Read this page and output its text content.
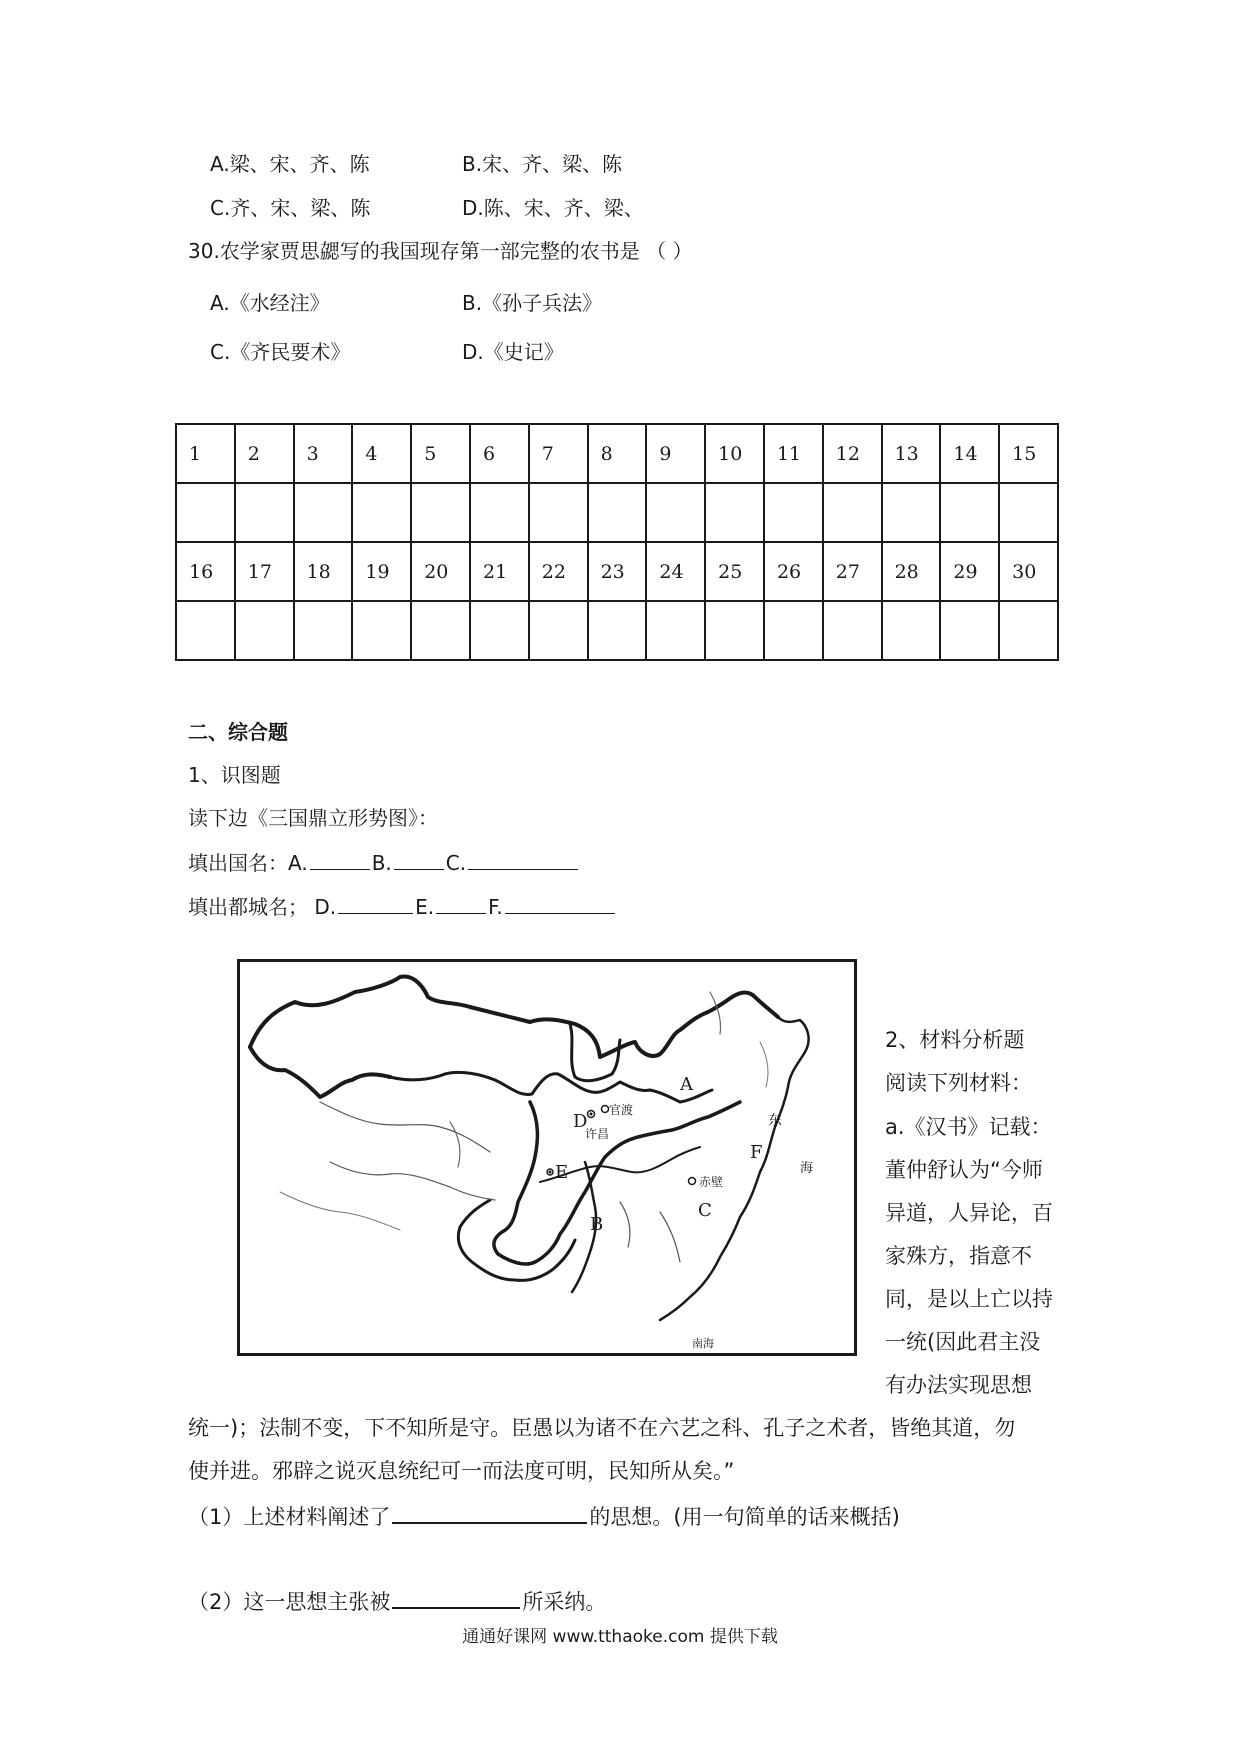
A.梁、宋、齐、陈	B.宋、齐、梁、陈
C.齐、宋、梁、陈	D.陈、宋、齐、梁、
30.农学家贾思勰写的我国现存第一部完整的农书是 （ ）
A.《水经注》	B.《孙子兵法》
C.《齐民要术》	D.《史记》
1	2	3	4	5	6	7	8	9	10	11	12	13	14	15

16	17	18	19	20	21	22	23	24	25	26	27	28	29	30

二、综合题
1、识图题
读下边《三国鼎立形势图》：
填出国名：A.	B.	C.
填出都城名； D.	E.	F.
A
D
官渡
许昌
东
F
E	海
赤壁
C
B
南海
2、材料分析题
阅读下列材料：
a.《汉书》记载：
董仲舒认为“今师
异道，人异论，百
家殊方，指意不
同，是以上亡以持
一统(因此君主没
有办法实现思想
统一)；法制不变，下不知所是守。臣愚以为诸不在六艺之科、孔子之术者，皆绝其道，勿
使并进。邪辟之说灭息统纪可一而法度可明，民知所从矣。”
（1）上述材料阐述了	的思想。(用一句简单的话来概括)
（2）这一思想主张被	所采纳。
通通好课网 www.tthaoke.com 提供下载
